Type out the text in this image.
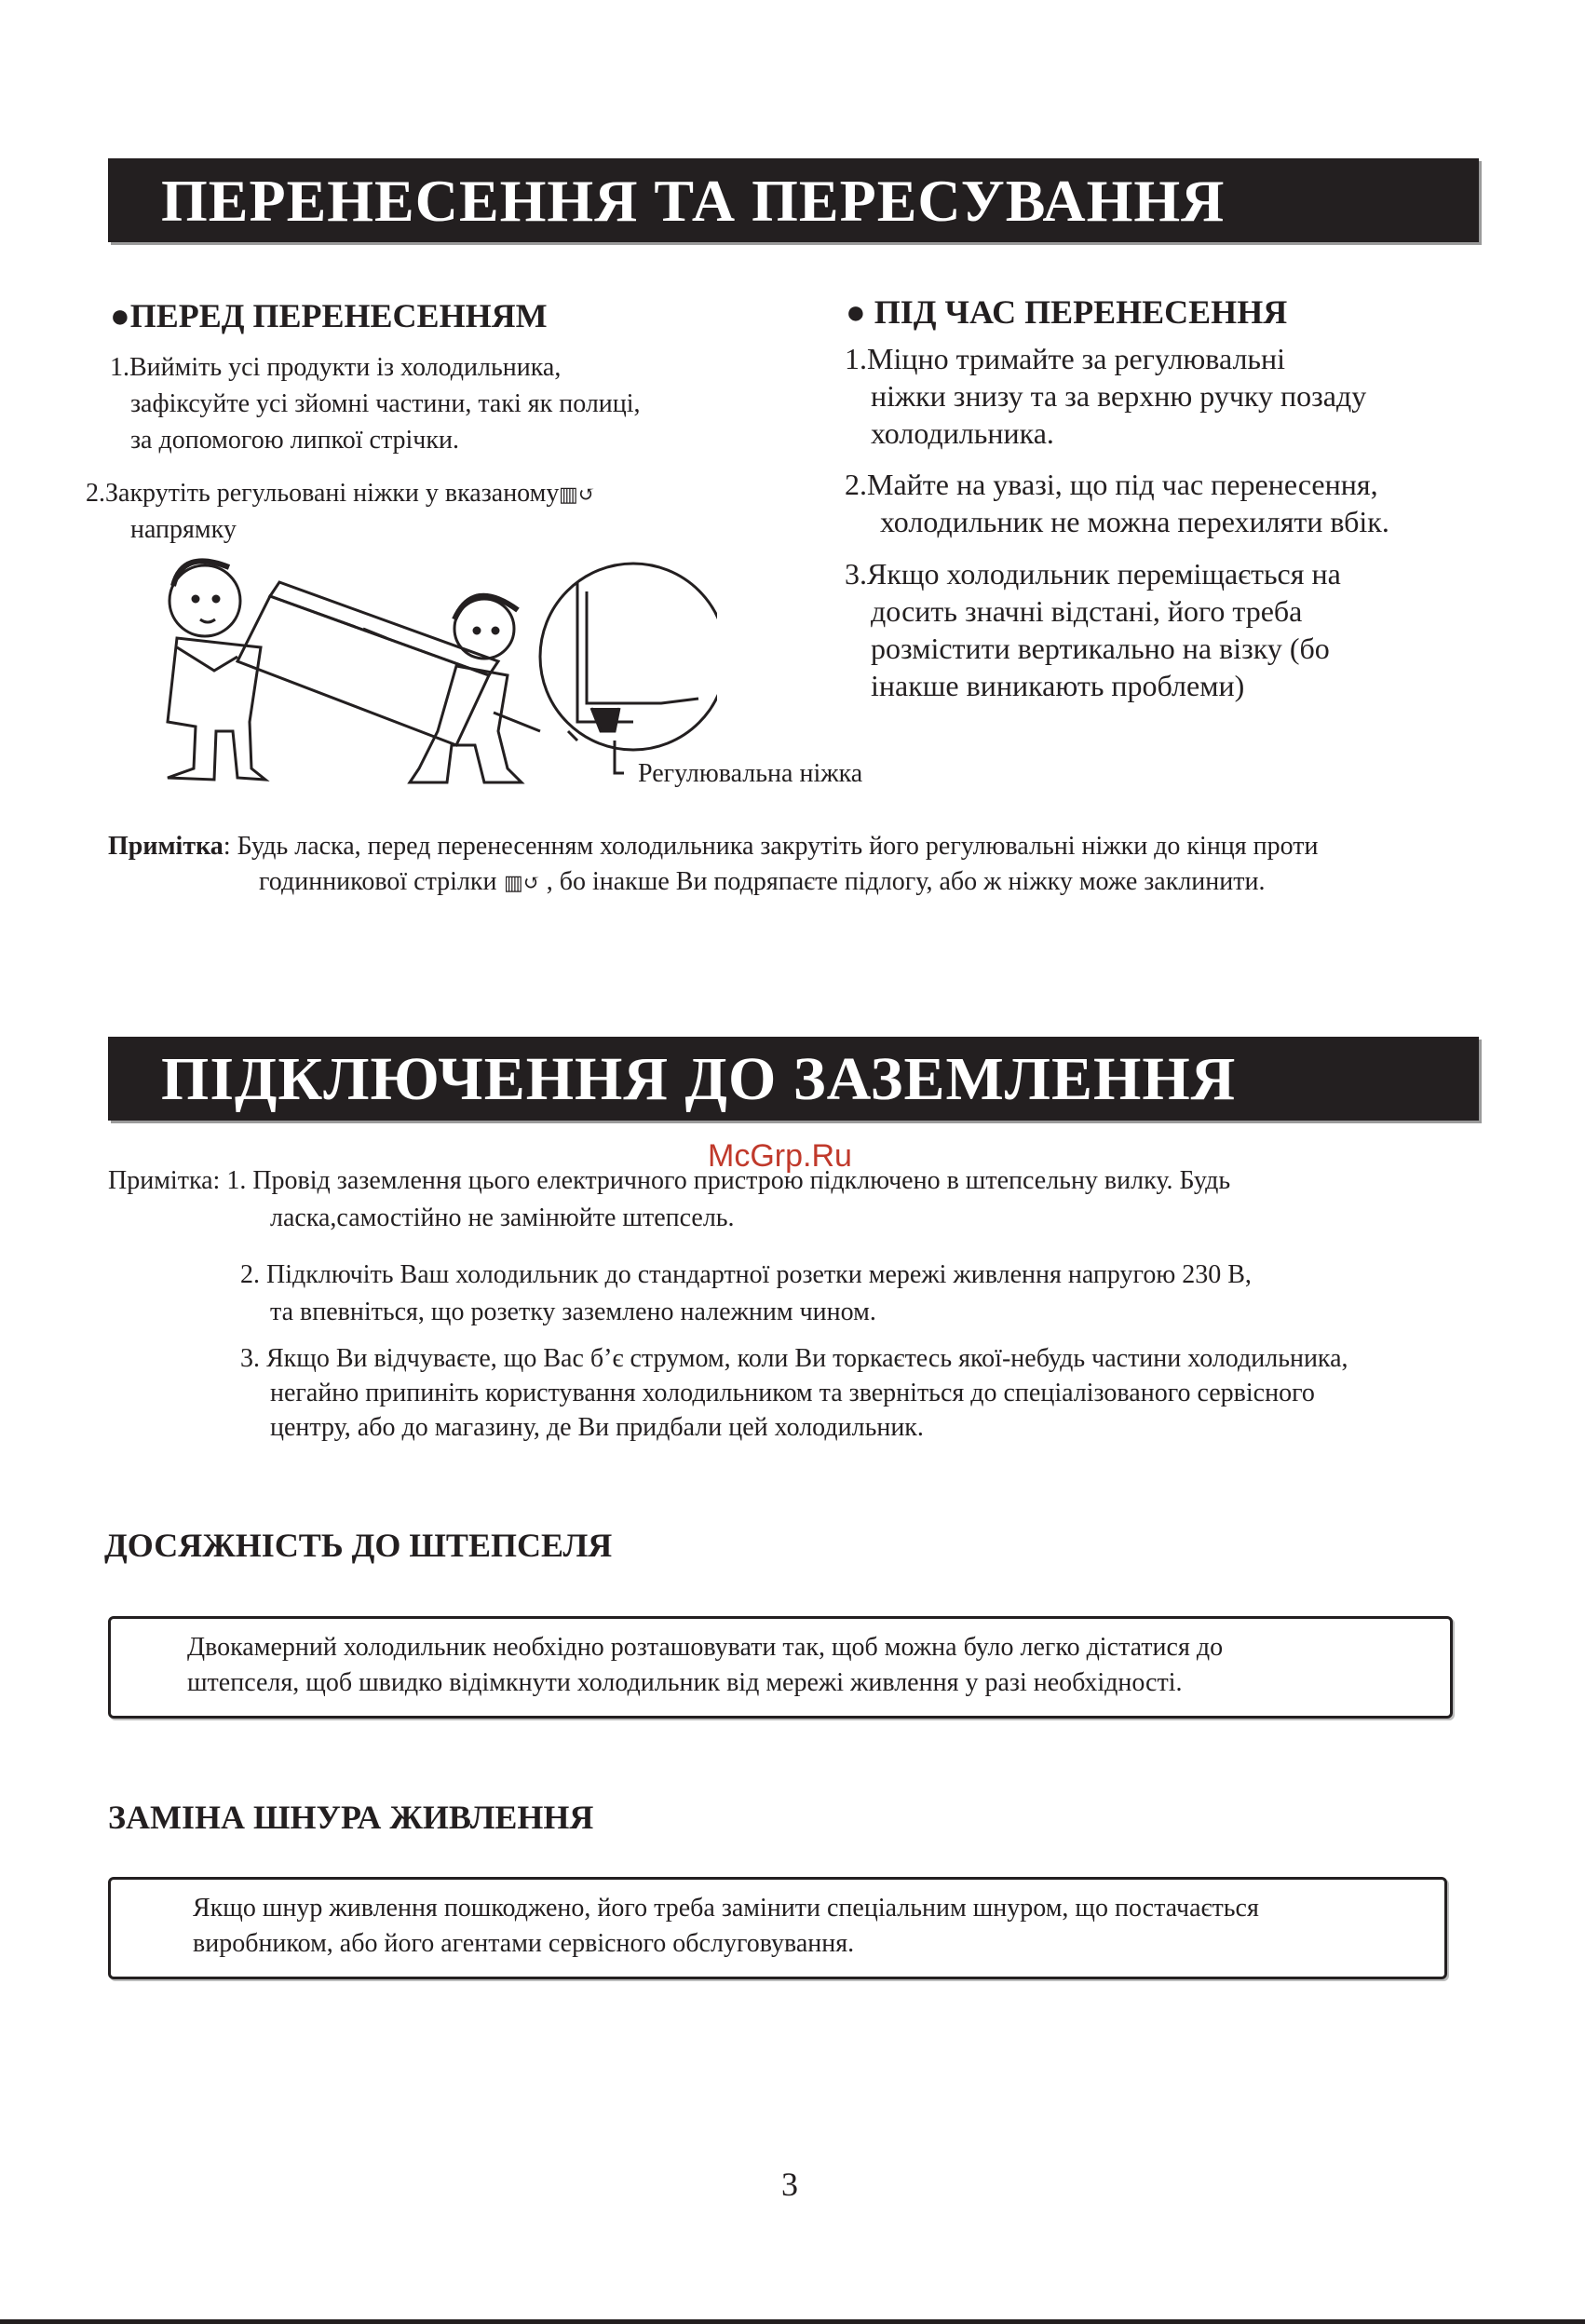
ПЕРЕНЕСЕННЯ ТА ПЕРЕСУВАННЯ
●ПЕРЕД ПЕРЕНЕСЕННЯМ
1.Вийміть усі продукти із холодильника,
зафіксуйте усі зйомні частини, такі як полиці,
за допомогою липкої стрічки.
2.Закрутіть регульовані ніжки у вказаному↻▥
напрямку
Регулювальна ніжка
● ПІД ЧАС ПЕРЕНЕСЕННЯ
1.Міцно тримайте за регулювальні
ніжки знизу та за верхню ручку позаду
холодильника.
2.Майте на увазі, що під час перенесення,
холодильник не можна перехиляти вбік.
3.Якщо холодильник переміщається на
досить значні відстані, його треба
розмістити вертикально на візку (бо
інакше виникають проблеми)
Примітка: Будь ласка, перед перенесенням холодильника закрутіть його регулювальні ніжки до кінця проти
годинникової стрілки ↻▥ , бо інакше Ви подряпаєте підлогу, або ж ніжку може заклинити.
ПІДКЛЮЧЕННЯ ДО ЗАЗЕМЛЕННЯ
McGrp.Ru
Примітка: 1. Провід заземлення цього електричного пристрою підключено в штепсельну вилку. Будь
ласка,самостійно не замінюйте штепсель.
2. Підключіть Ваш холодильник до стандартної розетки мережі живлення напругою 230 В,
та впевніться, що розетку заземлено належним чином.
3. Якщо Ви відчуваєте, що Вас б’є струмом, коли Ви торкаєтесь якої-небудь частини холодильника,
негайно припиніть користування холодильником та зверніться до спеціалізованого сервісного
центру, або до магазину, де Ви придбали цей холодильник.
ДОСЯЖНІСТЬ ДО ШТЕПСЕЛЯ
Двокамерний холодильник необхідно розташовувати так, щоб можна було легко дістатися до
штепселя, щоб швидко відімкнути холодильник від мережі живлення у разі необхідності.
ЗАМІНА ШНУРА ЖИВЛЕННЯ
Якщо шнур живлення пошкоджено, його треба замінити спеціальним шнуром, що постачається
виробником, або його агентами сервісного обслуговування.
3
